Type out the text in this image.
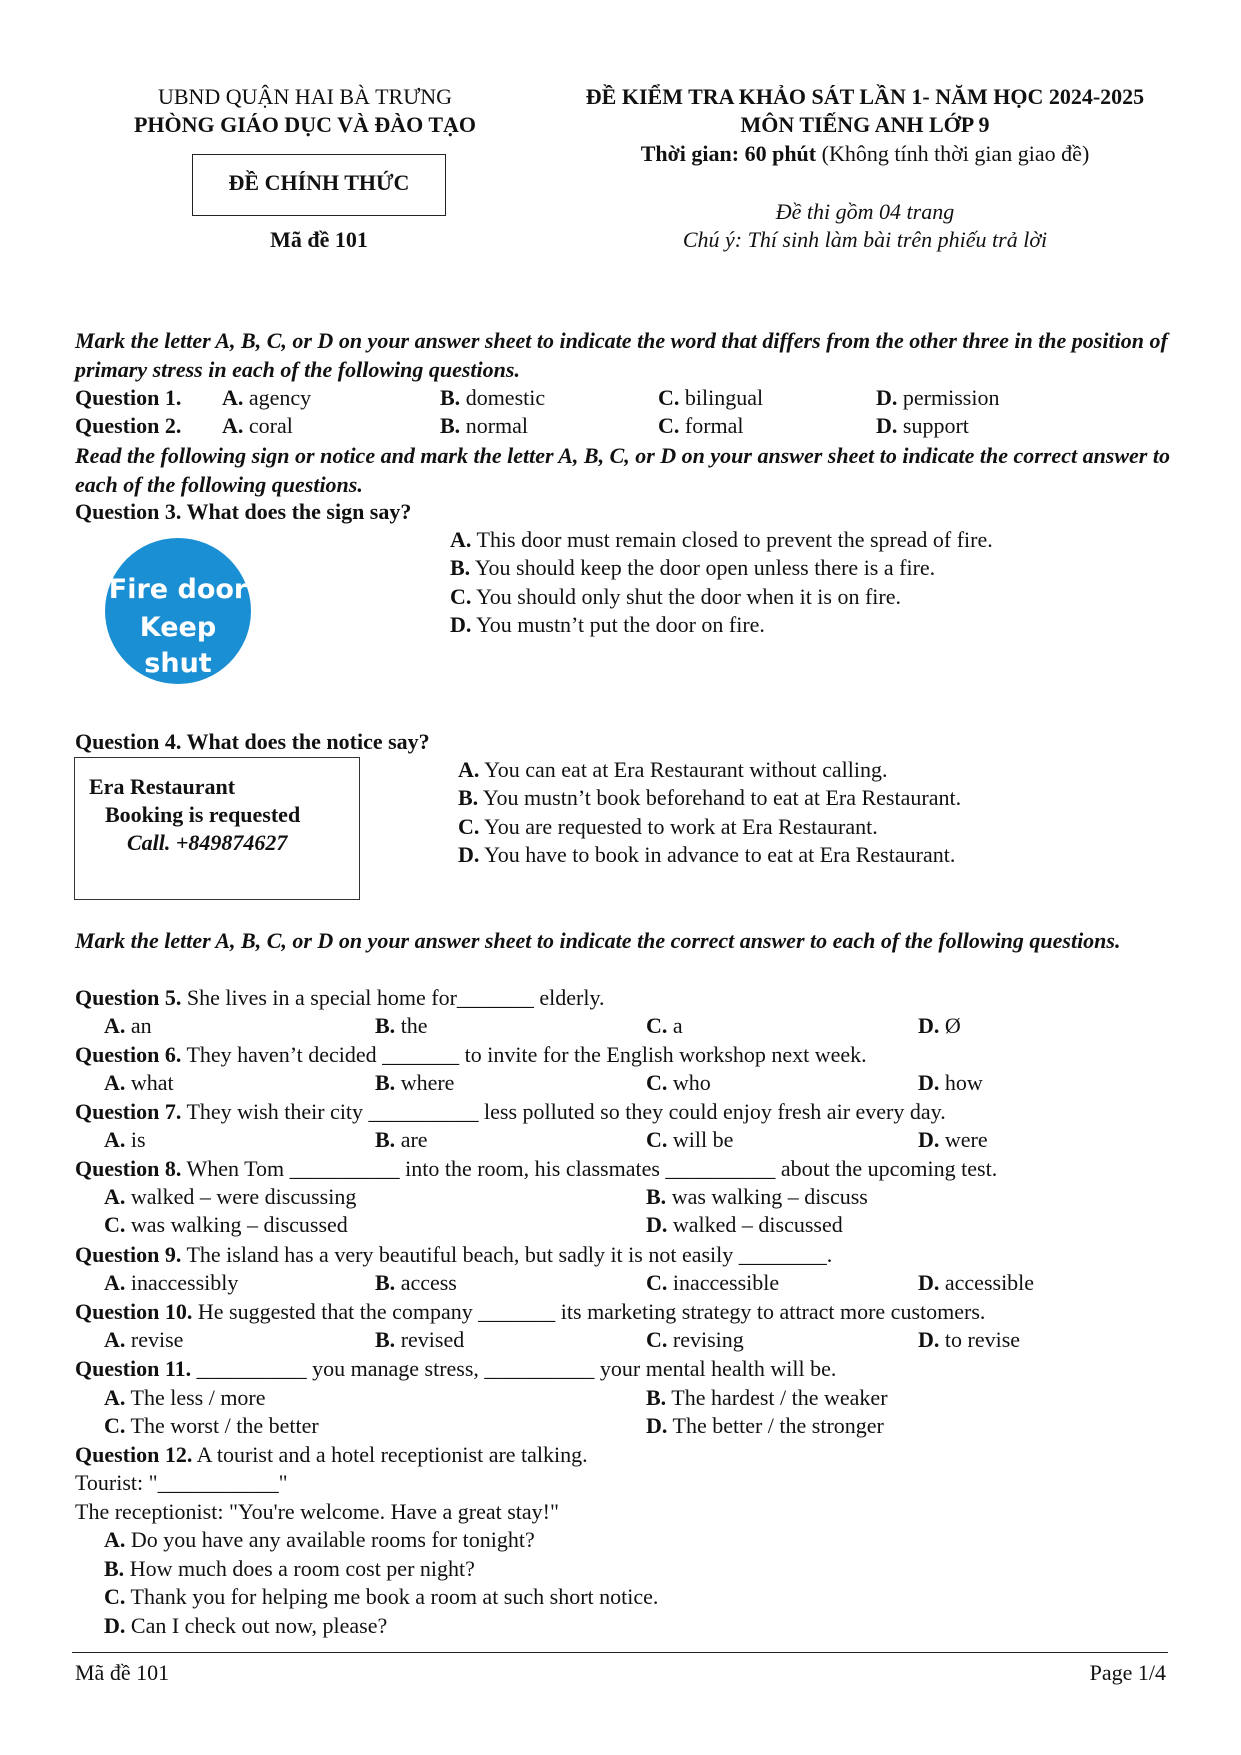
UBND QUẬN HAI BÀ TRƯNG
PHÒNG GIÁO DỤC VÀ ĐÀO TẠO
ĐỀ CHÍNH THỨC
Mã đề 101
ĐỀ KIỂM TRA KHẢO SÁT LẦN 1- NĂM HỌC 2024-2025
MÔN TIẾNG ANH LỚP 9
Thời gian: 60 phút (Không tính thời gian giao đề)
Đề thi gồm 04 trang
Chú ý: Thí sinh làm bài trên phiếu trả lời
Mark the letter A, B, C, or D on your answer sheet to indicate the word that differs from the other three in the position of primary stress in each of the following questions.
Question 1. A. agency	B. domestic	C. bilingual	D. permission
Question 2. A. coral	B. normal	C. formal	D. support
Read the following sign or notice and mark the letter A, B, C, or D on your answer sheet to indicate the correct answer to each of the following questions.
Question 3. What does the sign say?
Fire door
Keep shut
A. This door must remain closed to prevent the spread of fire.
B. You should keep the door open unless there is a fire.
C. You should only shut the door when it is on fire.
D. You mustn’t put the door on fire.
Question 4. What does the notice say?
Era Restaurant
Booking is requested
Call. +849874627
A. You can eat at Era Restaurant without calling.
B. You mustn’t book beforehand to eat at Era Restaurant.
C. You are requested to work at Era Restaurant.
D. You have to book in advance to eat at Era Restaurant.
Mark the letter A, B, C, or D on your answer sheet to indicate the correct answer to each of the following questions.
Question 5. She lives in a special home for_______ elderly.
A. an	B. the	C. a	D. Ø
Question 6. They haven’t decided _______ to invite for the English workshop next week.
A. what	B. where	C. who	D. how
Question 7. They wish their city __________ less polluted so they could enjoy fresh air every day.
A. is	B. are	C. will be	D. were
Question 8. When Tom __________ into the room, his classmates __________ about the upcoming test.
A. walked – were discussing	B. was walking – discuss
C. was walking – discussed	D. walked – discussed
Question 9. The island has a very beautiful beach, but sadly it is not easily ________.
A. inaccessibly	B. access	C. inaccessible	D. accessible
Question 10. He suggested that the company _______ its marketing strategy to attract more customers.
A. revise	B. revised	C. revising	D. to revise
Question 11. __________ you manage stress, __________ your mental health will be.
A. The less / more	B. The hardest / the weaker
C. The worst / the better	D. The better / the stronger
Question 12. A tourist and a hotel receptionist are talking.
Tourist: "___________"
The receptionist: "You're welcome. Have a great stay!"
A. Do you have any available rooms for tonight?
B. How much does a room cost per night?
C. Thank you for helping me book a room at such short notice.
D. Can I check out now, please?
Mã đề 101	Page 1/4
